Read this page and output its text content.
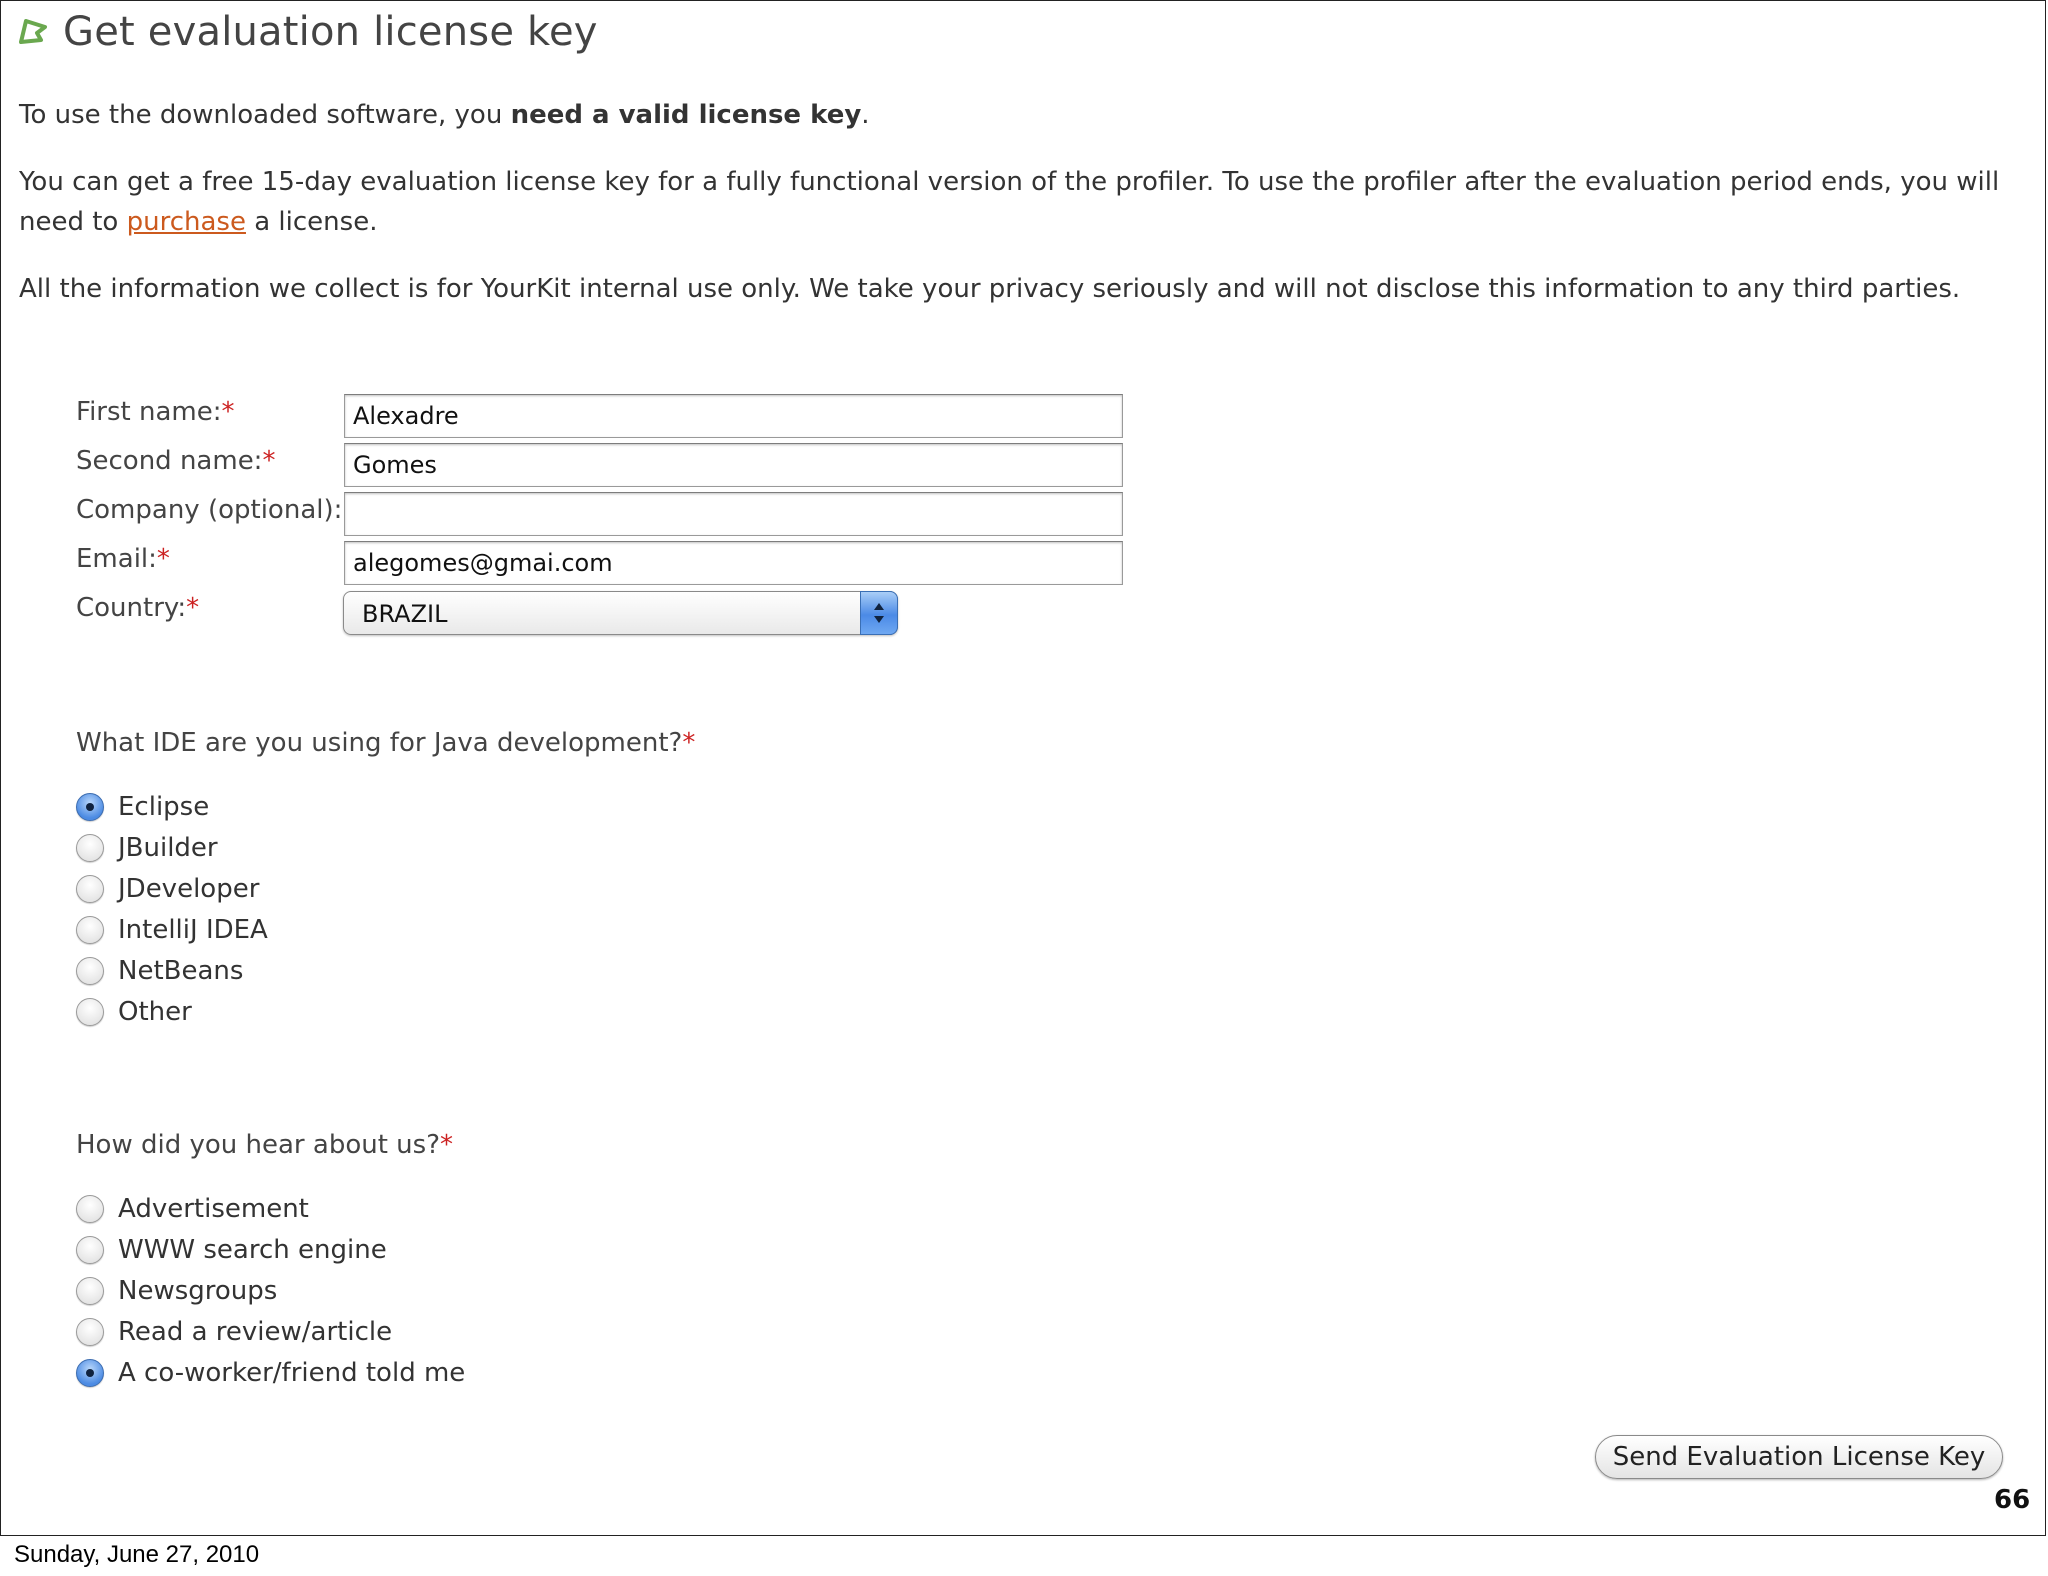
Get evaluation license key
To use the downloaded software, you need a valid license key.
You can get a free 15-day evaluation license key for a fully functional version of the profiler. To use the profiler after the evaluation period ends, you will need to purchase a license.
All the information we collect is for YourKit internal use only. We take your privacy seriously and will not disclose this information to any third parties.
First name:*
Alexadre
Second name:*
Gomes
Company (optional):
Email:*
alegomes@gmai.com
Country:*	BRAZIL
What IDE are you using for Java development?*
Eclipse
JBuilder
JDeveloper
IntelliJ IDEA
NetBeans
Other
How did you hear about us?*
Advertisement
WWW search engine
Newsgroups
Read a review/article
A co-worker/friend told me
Send Evaluation License Key
66
Sunday, June 27, 2010
